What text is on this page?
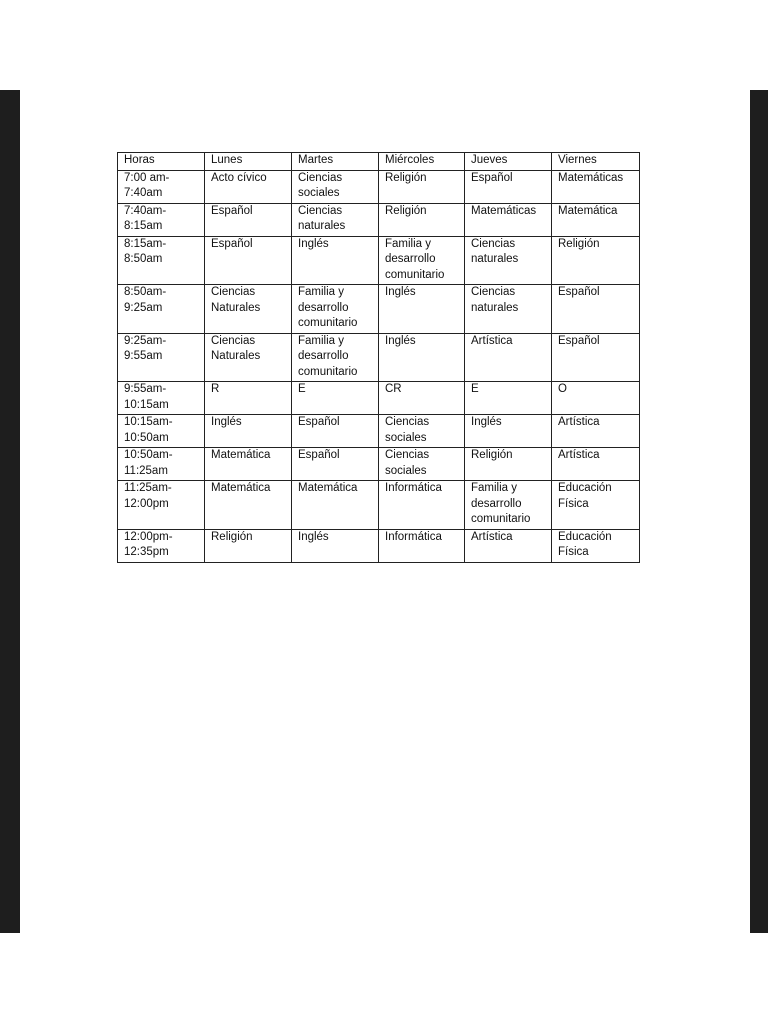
Horas	Lunes	Martes	Miércoles	Jueves	Viernes
7:00 am-
7:40am	Acto cívico	Ciencias
sociales	Religión	Español	Matemáticas
7:40am-
8:15am	Español	Ciencias
naturales	Religión	Matemáticas	Matemática
8:15am-
8:50am	Español	Inglés	Familia y
desarrollo
comunitario	Ciencias
naturales	Religión
8:50am-
9:25am	Ciencias
Naturales	Familia y
desarrollo
comunitario	Inglés	Ciencias
naturales	Español
9:25am-
9:55am	Ciencias
Naturales	Familia y
desarrollo
comunitario	Inglés	Artística	Español
9:55am-
10:15am	R	E	CR	E	O
10:15am-
10:50am	Inglés	Español	Ciencias
sociales	Inglés	Artística
10:50am-
11:25am	Matemática	Español	Ciencias
sociales	Religión	Artística
11:25am-
12:00pm	Matemática	Matemática	Informática	Familia y
desarrollo
comunitario	Educación
Física
12:00pm-
12:35pm	Religión	Inglés	Informática	Artística	Educación
Física
